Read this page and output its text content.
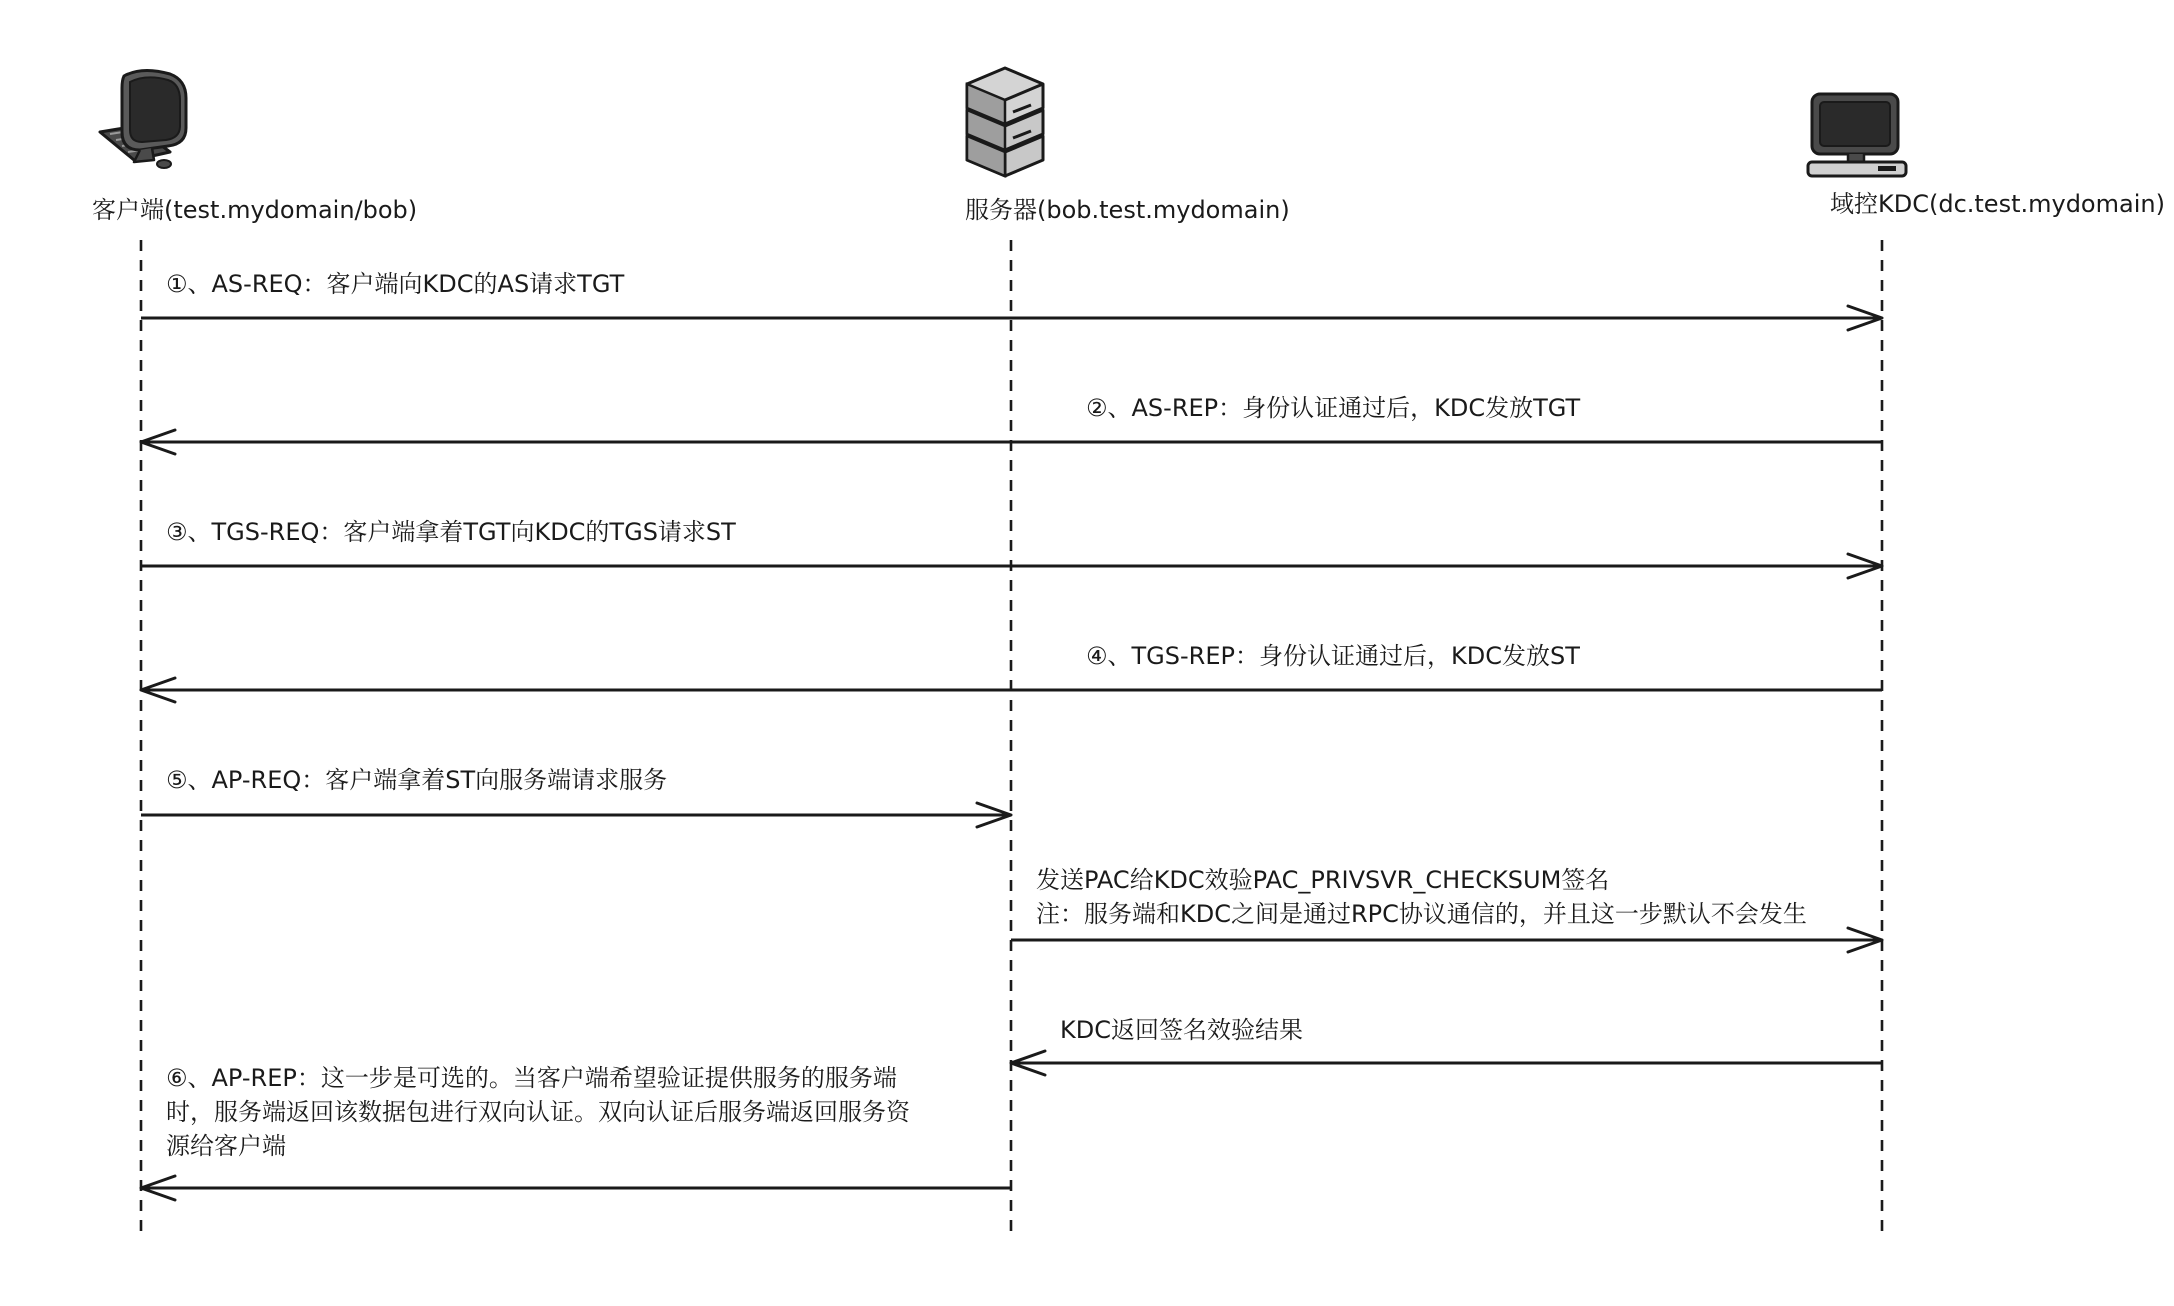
客户端(test.mydomain/bob)	服务器(bob.test.mydomain)	域控KDC(dc.test.mydomain)
①、AS-REQ：客户端向KDC的AS请求TGT
②、AS-REP：身份认证通过后，KDC发放TGT
③、TGS-REQ：客户端拿着TGT向KDC的TGS请求ST
④、TGS-REP：身份认证通过后，KDC发放ST
⑤、AP-REQ：客户端拿着ST向服务端请求服务
发送PAC给KDC效验PAC_PRIVSVR_CHECKSUM签名
注：服务端和KDC之间是通过RPC协议通信的，并且这一步默认不会发生
KDC返回签名效验结果
⑥、AP-REP：这一步是可选的。当客户端希望验证提供服务的服务端
时，服务端返回该数据包进行双向认证。双向认证后服务端返回服务资
源给客户端
